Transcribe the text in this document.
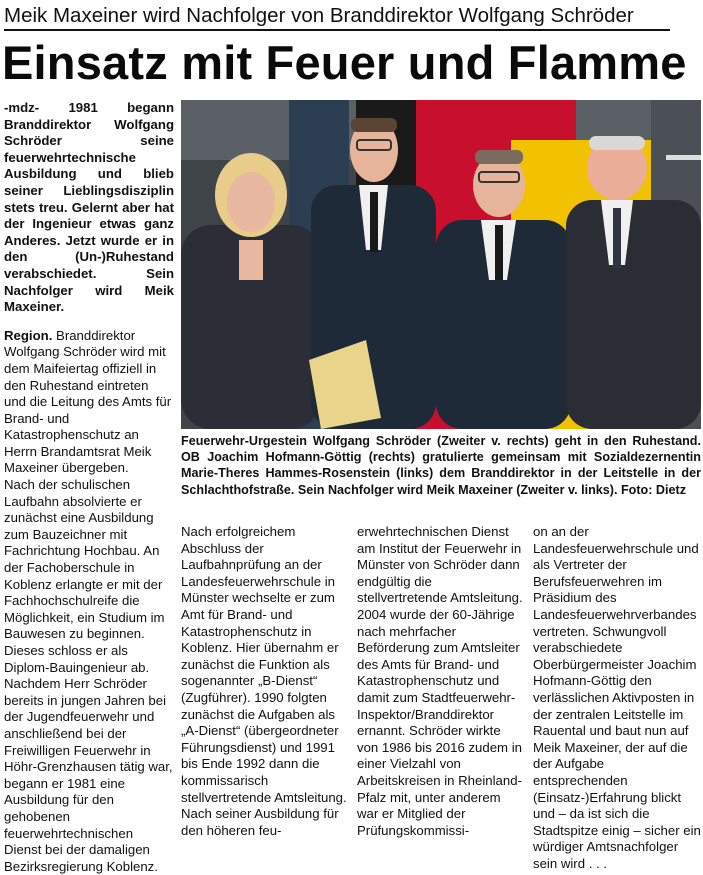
Meik Maxeiner wird Nachfolger von Branddirektor Wolfgang Schröder
Einsatz mit Feuer und Flamme

-mdz- 1981 begann Branddirektor Wolfgang Schröder seine feuerwehrtechnische Ausbildung und blieb seiner Lieblingsdisziplin stets treu. Gelernt aber hat der Ingenieur etwas ganz Anderes. Jetzt wurde er in den (Un-)Ruhestand verabschiedet. Sein Nachfolger wird Meik Maxeiner.

Region. Branddirektor Wolfgang Schröder wird mit dem Maifeiertag offiziell in den Ruhestand eintreten und die Leitung des Amts für Brand- und Katastrophenschutz an Herrn Brandamtsrat Meik Maxeiner übergeben.

Nach der schulischen Laufbahn absolvierte er zunächst eine Ausbildung zum Bauzeichner mit Fachrichtung Hochbau. An der Fachoberschule in Koblenz erlangte er mit der Fachhochschulreife die Möglichkeit, ein Studium im Bauwesen zu beginnen. Dieses schloss er als Diplom-Bauingenieur ab. Nachdem Herr Schröder bereits in jungen Jahren bei der Jugendfeuerwehr und anschließend bei der Freiwilligen Feuerwehr in Höhr-Grenzhausen tätig war, begann er 1981 eine Ausbildung für den gehobenen feuerwehrtechnischen Dienst bei der damaligen Bezirksregierung Koblenz.

Feuerwehr-Urgestein Wolfgang Schröder (Zweiter v. rechts) geht in den Ruhestand. OB Joachim Hofmann-Göttig (rechts) gratulierte gemeinsam mit Sozialdezernentin Marie-Theres Hammes-Rosenstein (links) dem Branddirektor in der Leitstelle in der Schlachthofstraße. Sein Nachfolger wird Meik Maxeiner (Zweiter v. links). Foto: Dietz

Nach erfolgreichem Abschluss der Laufbahnprüfung an der Landesfeuerwehrschule in Münster wechselte er zum Amt für Brand- und Katastrophenschutz in Koblenz. Hier übernahm er zunächst die Funktion als sogenannter „B-Dienst“ (Zugführer). 1990 folgten zunächst die Aufgaben als „A-Dienst“ (übergeordneter Führungsdienst) und 1991 bis Ende 1992 dann die kommissarisch stellvertretende Amtsleitung. Nach seiner Ausbildung für den höheren feu-

erwehrtechnischen Dienst am Institut der Feuerwehr in Münster von Schröder dann endgültig die stellvertretende Amtsleitung. 2004 wurde der 60-Jährige nach mehrfacher Beförderung zum Amtsleiter des Amts für Brand- und Katastrophenschutz und damit zum Stadtfeuerwehr-Inspektor/Branddirektor ernannt. Schröder wirkte von 1986 bis 2016 zudem in einer Vielzahl von Arbeitskreisen in Rheinland-Pfalz mit, unter anderem war er Mitglied der Prüfungskommissi-

on an der Landesfeuerwehrschule und als Vertreter der Berufsfeuerwehren im Präsidium des Landesfeuerwehrverbandes vertreten. Schwungvoll verabschiedete Oberbürgermeister Joachim Hofmann-Göttig den verlässlichen Aktivposten in der zentralen Leitstelle im Rauental und baut nun auf Meik Maxeiner, der auf die der Aufgabe entsprechenden (Einsatz-)Erfahrung blickt und – da ist sich die Stadtspitze einig – sicher ein würdiger Amtsnachfolger sein wird . . .
